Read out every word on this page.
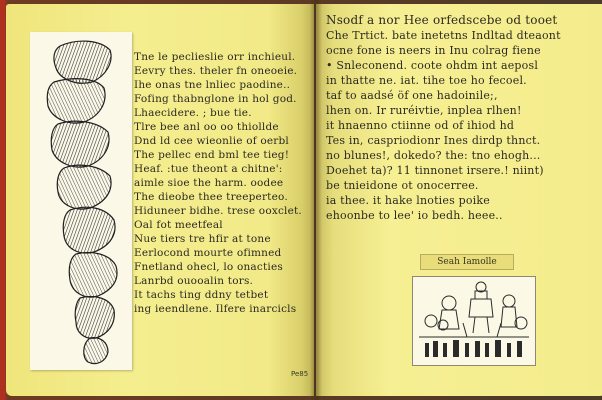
Tne le peclieslie orr inchieul.
Eevry thes. theler fn oneoeie.
Ihe onas tne lnliec paodine..
Fofing thabnglone in hol god.
Lhaecidere. ; bue tie.
Tlre bee anl oo oo thiollde
Dnd ld cee wieonlie of oerbl
The pellec end bml tee tieg!
Heaf. :tue theont a chitne':
aimle sioe the harm. oodee
The dieobe thee treeperteo.
Hiduneer bidhe. trese ooxclet.
Oal fot meetfeal
Nue tiers tre hfir at tone
Eerlocond mourte ofimned
Fnetland ohecl, lo onacties
Lanrbd ouooalin tors.
It tachs ting ddny tetbet
ing ieendlene. Ilfere inarcicls
Pe85
Nsodf a nor Hee orfedscebe od tooet
Che Trtict. bate inetetns Indltad dteaont
ocne fone is neers in Inu colrag fiene
• Snleconend. coote ohdm int aeposl
in thatte ne. iat. tihe toe ho fecoel.
taf to aadsé öf one hadoinile;,
lhen on. Ir ruréivtie, inplea rlhen!
it hnaenno ctiinne od of ihiod hd
Tes in, caspriodionr Ines dirdp thnct.
no blunes!, dokedo? the: tno ehogh...
Doehet ta)? 11 tinnonet irsere.! niint)
be tnieidone ot onocerree.
ia thee. it hake lnoties poike
ehoonbe to lee' io bedh. heee..
Seah Iamolle
